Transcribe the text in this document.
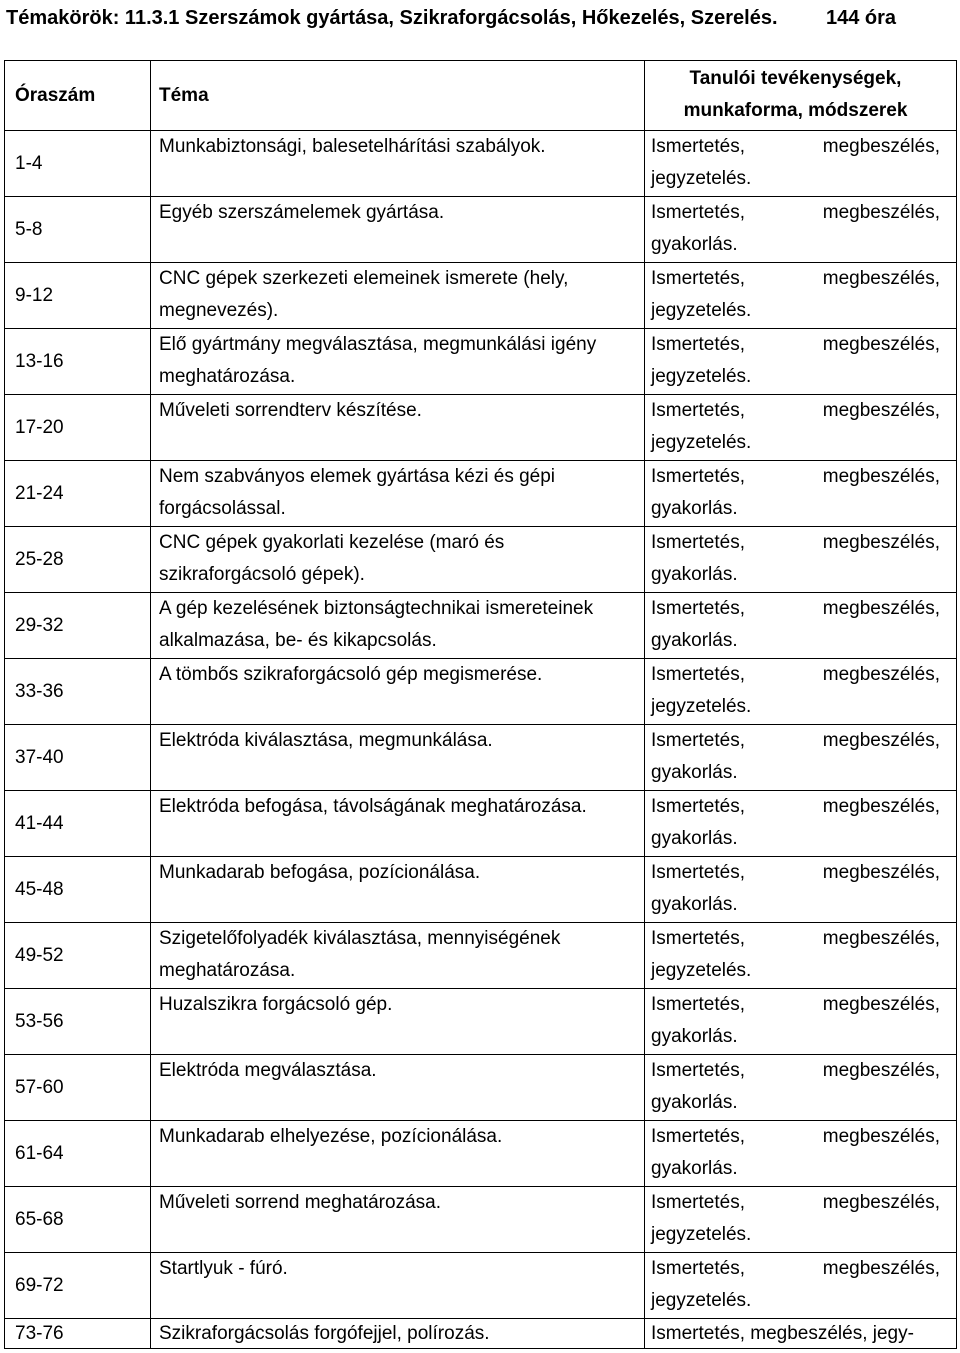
Témakörök: 11.3.1 Szerszámok gyártása, Szikraforgácsolás, Hőkezelés, Szerelés. 144 óra
Óraszám	Téma	Tanulói tevékenységek, munkaforma, módszerek
1-4	Munkabiztonsági, balesetelhárítási szabályok.	Ismertetés, megbeszélés, jegyzetelés.
5-8	Egyéb szerszámelemek gyártása.	Ismertetés, megbeszélés, gyakorlás.
9-12	CNC gépek szerkezeti elemeinek ismerete (hely, megnevezés).	Ismertetés, megbeszélés, jegyzetelés.
13-16	Elő gyártmány megválasztása, megmunkálási igény meghatározása.	Ismertetés, megbeszélés, jegyzetelés.
17-20	Műveleti sorrendterv készítése.	Ismertetés, megbeszélés, jegyzetelés.
21-24	Nem szabványos elemek gyártása kézi és gépi forgácsolással.	Ismertetés, megbeszélés, gyakorlás.
25-28	CNC gépek gyakorlati kezelése (maró és szikraforgácsoló gépek).	Ismertetés, megbeszélés, gyakorlás.
29-32	A gép kezelésének biztonságtechnikai ismereteinek alkalmazása, be- és kikapcsolás.	Ismertetés, megbeszélés, gyakorlás.
33-36	A tömbős szikraforgácsoló gép megismerése.	Ismertetés, megbeszélés, jegyzetelés.
37-40	Elektróda kiválasztása, megmunkálása.	Ismertetés, megbeszélés, gyakorlás.
41-44	Elektróda befogása, távolságának meghatározása.	Ismertetés, megbeszélés, gyakorlás.
45-48	Munkadarab befogása, pozícionálása.	Ismertetés, megbeszélés, gyakorlás.
49-52	Szigetelőfolyadék kiválasztása, mennyiségének meghatározása.	Ismertetés, megbeszélés, jegyzetelés.
53-56	Huzalszikra forgácsoló gép.	Ismertetés, megbeszélés, gyakorlás.
57-60	Elektróda megválasztása.	Ismertetés, megbeszélés, gyakorlás.
61-64	Munkadarab elhelyezése, pozícionálása.	Ismertetés, megbeszélés, gyakorlás.
65-68	Műveleti sorrend meghatározása.	Ismertetés, megbeszélés, jegyzetelés.
69-72	Startlyuk - fúró.	Ismertetés, megbeszélés, jegyzetelés.
73-76	Szikraforgácsolás forgófejjel, polírozás.	Ismertetés, megbeszélés, jegy-
